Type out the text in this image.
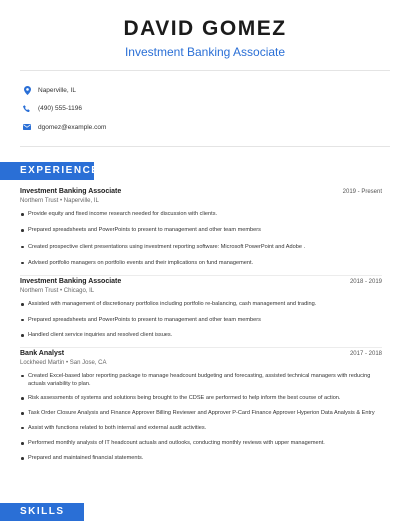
DAVID GOMEZ
Investment Banking Associate
Naperville, IL
(490) 555-1196
dgomez@example.com
EXPERIENCE
Investment Banking Associate	2019 - Present
Northern Trust • Naperville, IL
Provide equity and fixed income research needed for discussion with clients.
Prepared spreadsheets and PowerPoints to present to management and other team members
Created prospective client presentations using investment reporting software: Microsoft PowerPoint and Adobe .
Advised portfolio managers on portfolio events and their implications on fund management.
Investment Banking Associate	2018 - 2019
Northern Trust • Chicago, IL
Assisted with management of discretionary portfolios including portfolio re-balancing, cash management and trading.
Prepared spreadsheets and PowerPoints to present to management and other team members
Handled client service inquiries and resolved client issues.
Bank Analyst	2017 - 2018
Lockheed Martin • San Jose, CA
Created Excel-based labor reporting package to manage headcount budgeting and forecasting, assisted technical managers with reducing actuals variability to plan.
Risk assessments of systems and solutions being brought to the CDSE are performed to help inform the best course of action.
Task Order Closure Analysis and Finance Approver Billing Reviewer and Approver P-Card Finance Approver Hyperion Data Analysis & Entry
Assist with functions related to both internal and external audit activities.
Performed monthly analysis of IT headcount actuals and outlooks, conducting monthly reviews with upper management.
Prepared and maintained financial statements.
SKILLS
